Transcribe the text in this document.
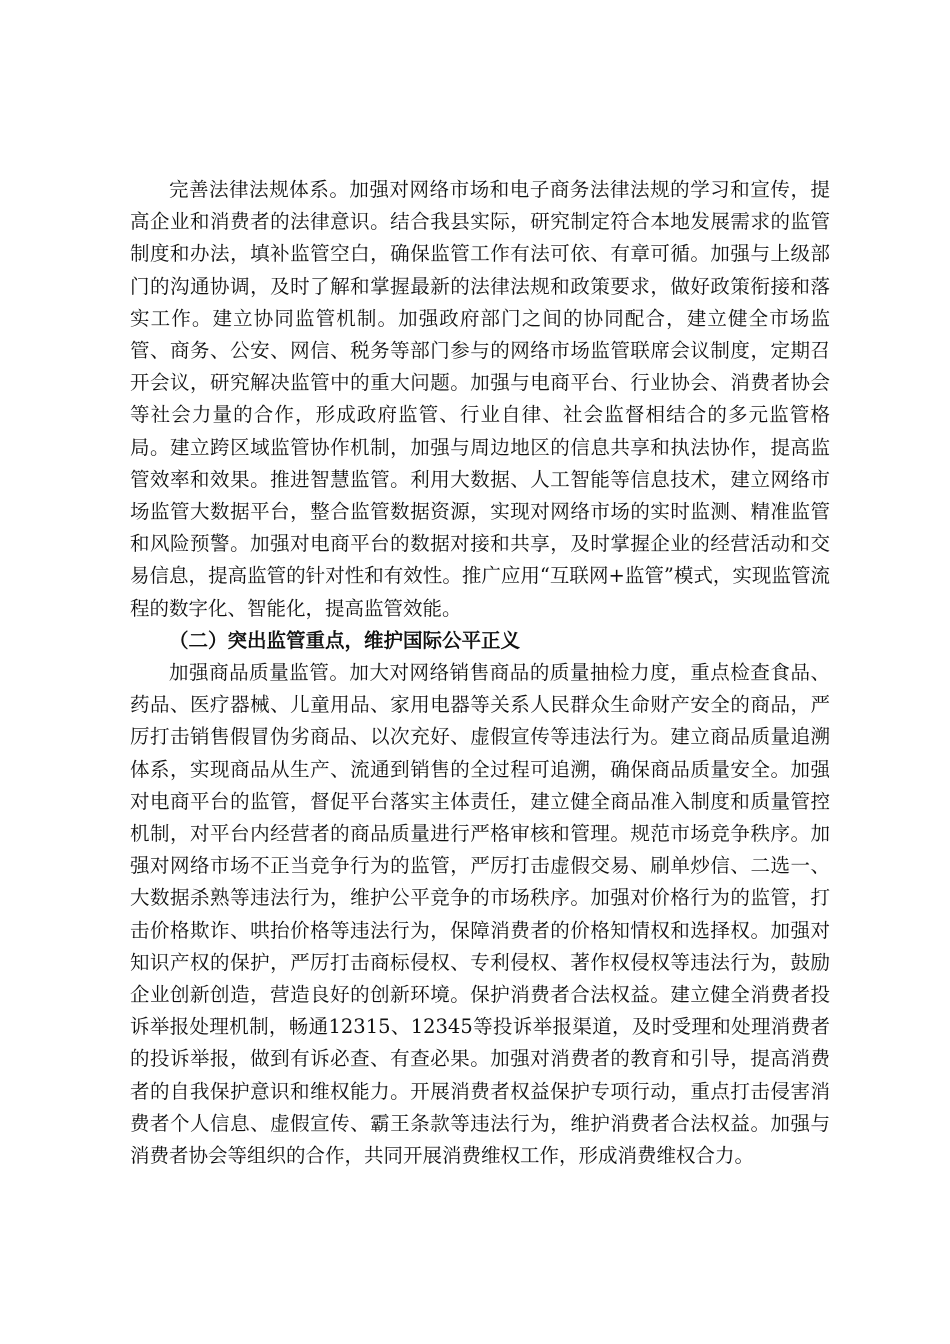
完善法律法规体系。加强对网络市场和电子商务法律法规的学习和宣传，提高企业和消费者的法律意识。结合我县实际，研究制定符合本地发展需求的监管制度和办法，填补监管空白，确保监管工作有法可依、有章可循。加强与上级部门的沟通协调，及时了解和掌握最新的法律法规和政策要求，做好政策衔接和落实工作。建立协同监管机制。加强政府部门之间的协同配合，建立健全市场监管、商务、公安、网信、税务等部门参与的网络市场监管联席会议制度，定期召开会议，研究解决监管中的重大问题。加强与电商平台、行业协会、消费者协会等社会力量的合作，形成政府监管、行业自律、社会监督相结合的多元监管格局。建立跨区域监管协作机制，加强与周边地区的信息共享和执法协作，提高监管效率和效果。推进智慧监管。利用大数据、人工智能等信息技术，建立网络市场监管大数据平台，整合监管数据资源，实现对网络市场的实时监测、精准监管和风险预警。加强对电商平台的数据对接和共享，及时掌握企业的经营活动和交易信息，提高监管的针对性和有效性。推广应用“互联网+监管”模式，实现监管流程的数字化、智能化，提高监管效能。

（二）突出监管重点，维护国际公平正义

加强商品质量监管。加大对网络销售商品的质量抽检力度，重点检查食品、药品、医疗器械、儿童用品、家用电器等关系人民群众生命财产安全的商品，严厉打击销售假冒伪劣商品、以次充好、虚假宣传等违法行为。建立商品质量追溯体系，实现商品从生产、流通到销售的全过程可追溯，确保商品质量安全。加强对电商平台的监管，督促平台落实主体责任，建立健全商品准入制度和质量管控机制，对平台内经营者的商品质量进行严格审核和管理。规范市场竞争秩序。加强对网络市场不正当竞争行为的监管，严厉打击虚假交易、刷单炒信、二选一、大数据杀熟等违法行为，维护公平竞争的市场秩序。加强对价格行为的监管，打击价格欺诈、哄抬价格等违法行为，保障消费者的价格知情权和选择权。加强对知识产权的保护，严厉打击商标侵权、专利侵权、著作权侵权等违法行为，鼓励企业创新创造，营造良好的创新环境。保护消费者合法权益。建立健全消费者投诉举报处理机制，畅通12315、12345等投诉举报渠道，及时受理和处理消费者的投诉举报，做到有诉必查、有查必果。加强对消费者的教育和引导，提高消费者的自我保护意识和维权能力。开展消费者权益保护专项行动，重点打击侵害消费者个人信息、虚假宣传、霸王条款等违法行为，维护消费者合法权益。加强与消费者协会等组织的合作，共同开展消费维权工作，形成消费维权合力。
